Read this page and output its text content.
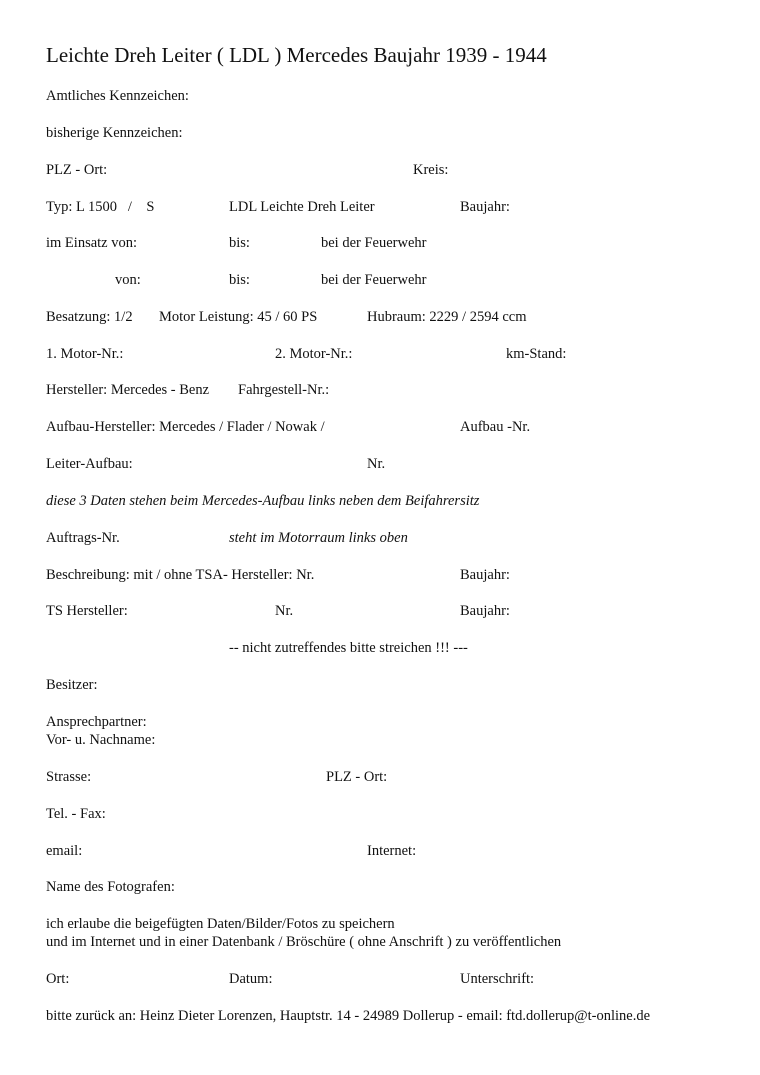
Leichte Dreh Leiter ( LDL ) Mercedes Baujahr 1939 - 1944
Amtliches Kennzeichen:
bisherige Kennzeichen:
PLZ - Ort:	Kreis:
Typ: L 1500   /    S	LDL Leichte Dreh Leiter	Baujahr:
im Einsatz von:	bis:	bei der Feuerwehr
von:	bis:	bei der Feuerwehr
Besatzung: 1/2 Motor Leistung: 45 / 60 PS	Hubraum: 2229 / 2594 ccm
1. Motor-Nr.:	2. Motor-Nr.:	km-Stand:
Hersteller: Mercedes - Benz Fahrgestell-Nr.:
Aufbau-Hersteller: Mercedes / Flader / Nowak /	Aufbau -Nr.
Leiter-Aufbau:	Nr.
diese 3 Daten stehen beim Mercedes-Aufbau links neben dem Beifahrersitz
Auftrags-Nr.	steht im Motorraum links oben
Beschreibung: mit / ohne TSA- Hersteller: Nr.	Baujahr:
TS Hersteller:	Nr.	Baujahr:
-- nicht zutreffendes bitte streichen !!! ---
Besitzer:
Ansprechpartner:
Vor- u. Nachname:
Strasse:	PLZ - Ort:
Tel. - Fax:
email:	Internet:
Name des Fotografen:
ich erlaube die beigefügten Daten/Bilder/Fotos zu speichern
und im Internet und in einer Datenbank / Bröschüre ( ohne Anschrift ) zu veröffentlichen
Ort:	Datum:	Unterschrift:
bitte zurück an: Heinz Dieter Lorenzen, Hauptstr. 14 - 24989 Dollerup - email: ftd.dollerup@t-online.de
